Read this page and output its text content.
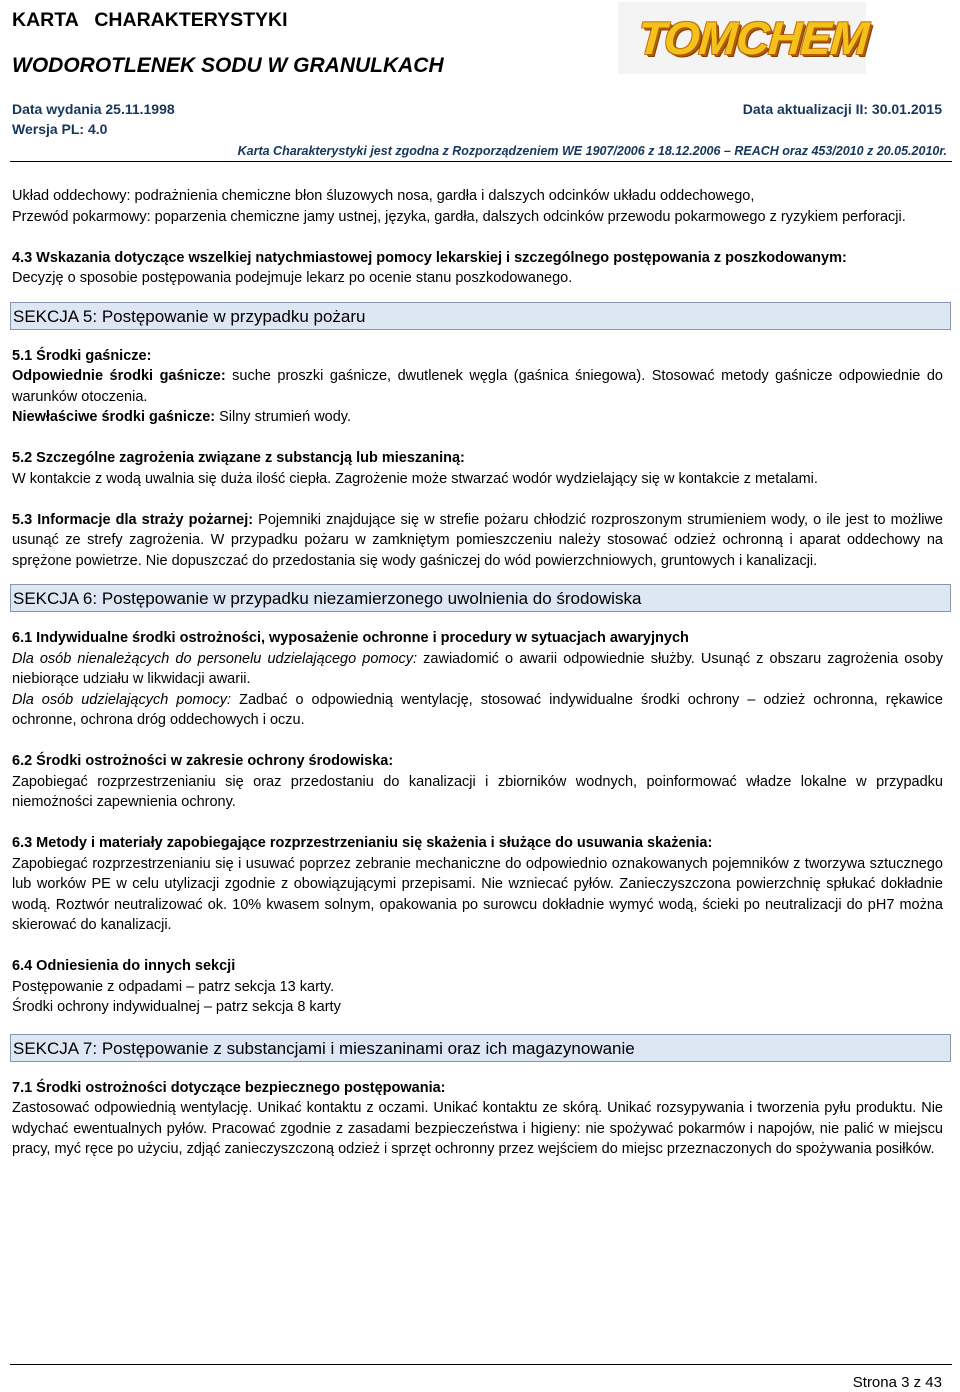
KARTA   CHARAKTERYSTYKI
WODOROTLENEK SODU W GRANULKACH
TOMCHEM
Data wydania 25.11.1998	Data aktualizacji II: 30.01.2015
Wersja PL: 4.0
Karta Charakterystyki jest zgodna z Rozporządzeniem WE 1907/2006 z 18.12.2006 – REACH oraz 453/2010 z 20.05.2010r.

Układ oddechowy: podrażnienia chemiczne błon śluzowych nosa, gardła i dalszych odcinków układu oddechowego,

Przewód pokarmowy: poparzenia chemiczne jamy ustnej, języka, gardła, dalszych odcinków przewodu pokarmowego z ryzykiem perforacji.

4.3 Wskazania dotyczące wszelkiej natychmiastowej pomocy lekarskiej i szczególnego postępowania z poszkodowanym:

Decyzję o sposobie postępowania podejmuje lekarz po ocenie stanu poszkodowanego.

SEKCJA 5: Postępowanie w przypadku pożaru

5.1 Środki gaśnicze:

Odpowiednie środki gaśnicze: suche proszki gaśnicze, dwutlenek węgla (gaśnica śniegowa). Stosować metody gaśnicze odpowiednie do warunków otoczenia.

Niewłaściwe środki gaśnicze: Silny strumień wody.

5.2 Szczególne zagrożenia związane z substancją lub mieszaniną:

W kontakcie z wodą uwalnia się duża ilość ciepła. Zagrożenie może stwarzać wodór wydzielający się w kontakcie z metalami.

5.3 Informacje dla straży pożarnej: Pojemniki znajdujące się w strefie pożaru chłodzić rozproszonym strumieniem wody, o ile jest to możliwe usunąć ze strefy zagrożenia. W przypadku pożaru w zamkniętym pomieszczeniu należy stosować odzież ochronną i aparat oddechowy na sprężone powietrze. Nie dopuszczać do przedostania się wody gaśniczej do wód powierzchniowych, gruntowych i kanalizacji.

SEKCJA 6: Postępowanie w przypadku niezamierzonego uwolnienia do środowiska

6.1 Indywidualne środki ostrożności, wyposażenie ochronne i procedury w sytuacjach awaryjnych

Dla osób nienależących do personelu udzielającego pomocy: zawiadomić o awarii odpowiednie służby. Usunąć z obszaru zagrożenia osoby niebiorące udziału w likwidacji awarii.

Dla osób udzielających pomocy: Zadbać o odpowiednią wentylację, stosować indywidualne środki ochrony – odzież ochronna, rękawice ochronne, ochrona dróg oddechowych i oczu.

6.2 Środki ostrożności w zakresie ochrony środowiska:

Zapobiegać rozprzestrzenianiu się oraz przedostaniu do kanalizacji i zbiorników wodnych, poinformować władze lokalne w przypadku niemożności zapewnienia ochrony.

6.3 Metody i materiały zapobiegające rozprzestrzenianiu się skażenia i służące do usuwania skażenia:

Zapobiegać rozprzestrzenianiu się i usuwać poprzez zebranie mechaniczne do odpowiednio oznakowanych pojemników z tworzywa sztucznego lub worków PE w celu utylizacji zgodnie z obowiązującymi przepisami. Nie wzniecać pyłów. Zanieczyszczona powierzchnię spłukać dokładnie wodą. Roztwór neutralizować ok. 10% kwasem solnym, opakowania po surowcu dokładnie wymyć wodą, ścieki po neutralizacji do pH7 można skierować do kanalizacji.

6.4 Odniesienia do innych sekcji

Postępowanie z odpadami – patrz sekcja 13 karty.

Środki ochrony indywidualnej – patrz sekcja 8 karty

SEKCJA 7: Postępowanie z substancjami i mieszaninami oraz ich magazynowanie

7.1 Środki ostrożności dotyczące bezpiecznego postępowania:

Zastosować odpowiednią wentylację. Unikać kontaktu z oczami. Unikać kontaktu ze skórą. Unikać rozsypywania i tworzenia pyłu produktu. Nie wdychać ewentualnych pyłów. Pracować zgodnie z zasadami bezpieczeństwa i higieny: nie spożywać pokarmów i napojów, nie palić w miejscu pracy, myć ręce po użyciu, zdjąć zanieczyszczoną odzież i sprzęt ochronny przez wejściem do miejsc przeznaczonych do spożywania posiłków.

Strona 3 z 43
